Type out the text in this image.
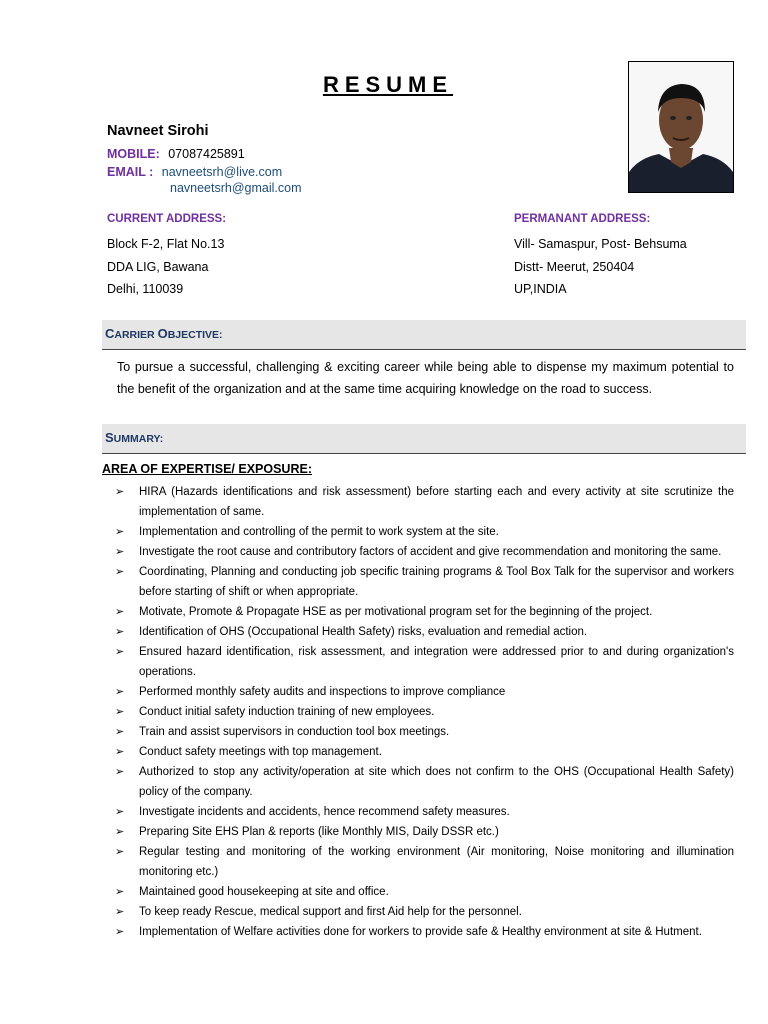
RESUME
Navneet Sirohi
MOBILE: 07087425891
EMAIL : navneetsrh@live.com
navneetsrh@gmail.com
CURRENT ADDRESS:
Block F-2, Flat No.13
DDA LIG, Bawana
Delhi, 110039
PERMANANT ADDRESS:
Vill- Samaspur, Post- Behsuma
Distt- Meerut, 250404
UP,INDIA
CARRIER OBJECTIVE:
To pursue a successful, challenging & exciting career while being able to dispense my maximum potential to the benefit of the organization and at the same time acquiring knowledge on the road to success.
SUMMARY:
AREA OF EXPERTISE/ EXPOSURE:
➢ HIRA (Hazards identifications and risk assessment) before starting each and every activity at site scrutinize the implementation of same.
➢ Implementation and controlling of the permit to work system at the site.
➢ Investigate the root cause and contributory factors of accident and give recommendation and monitoring the same.
➢ Coordinating, Planning and conducting job specific training programs & Tool Box Talk for the supervisor and workers before starting of shift or when appropriate.
➢ Motivate, Promote & Propagate HSE as per motivational program set for the beginning of the project.
➢ Identification of OHS (Occupational Health Safety) risks, evaluation and remedial action.
➢ Ensured hazard identification, risk assessment, and integration were addressed prior to and during organization's operations.
➢ Performed monthly safety audits and inspections to improve compliance
➢ Conduct initial safety induction training of new employees.
➢ Train and assist supervisors in conduction tool box meetings.
➢ Conduct safety meetings with top management.
➢ Authorized to stop any activity/operation at site which does not confirm to the OHS (Occupational Health Safety) policy of the company.
➢ Investigate incidents and accidents, hence recommend safety measures.
➢ Preparing Site EHS Plan & reports (like Monthly MIS, Daily DSSR etc.)
➢ Regular testing and monitoring of the working environment (Air monitoring, Noise monitoring and illumination monitoring etc.)
➢ Maintained good housekeeping at site and office.
➢ To keep ready Rescue, medical support and first Aid help for the personnel.
➢ Implementation of Welfare activities done for workers to provide safe & Healthy environment at site & Hutment.
